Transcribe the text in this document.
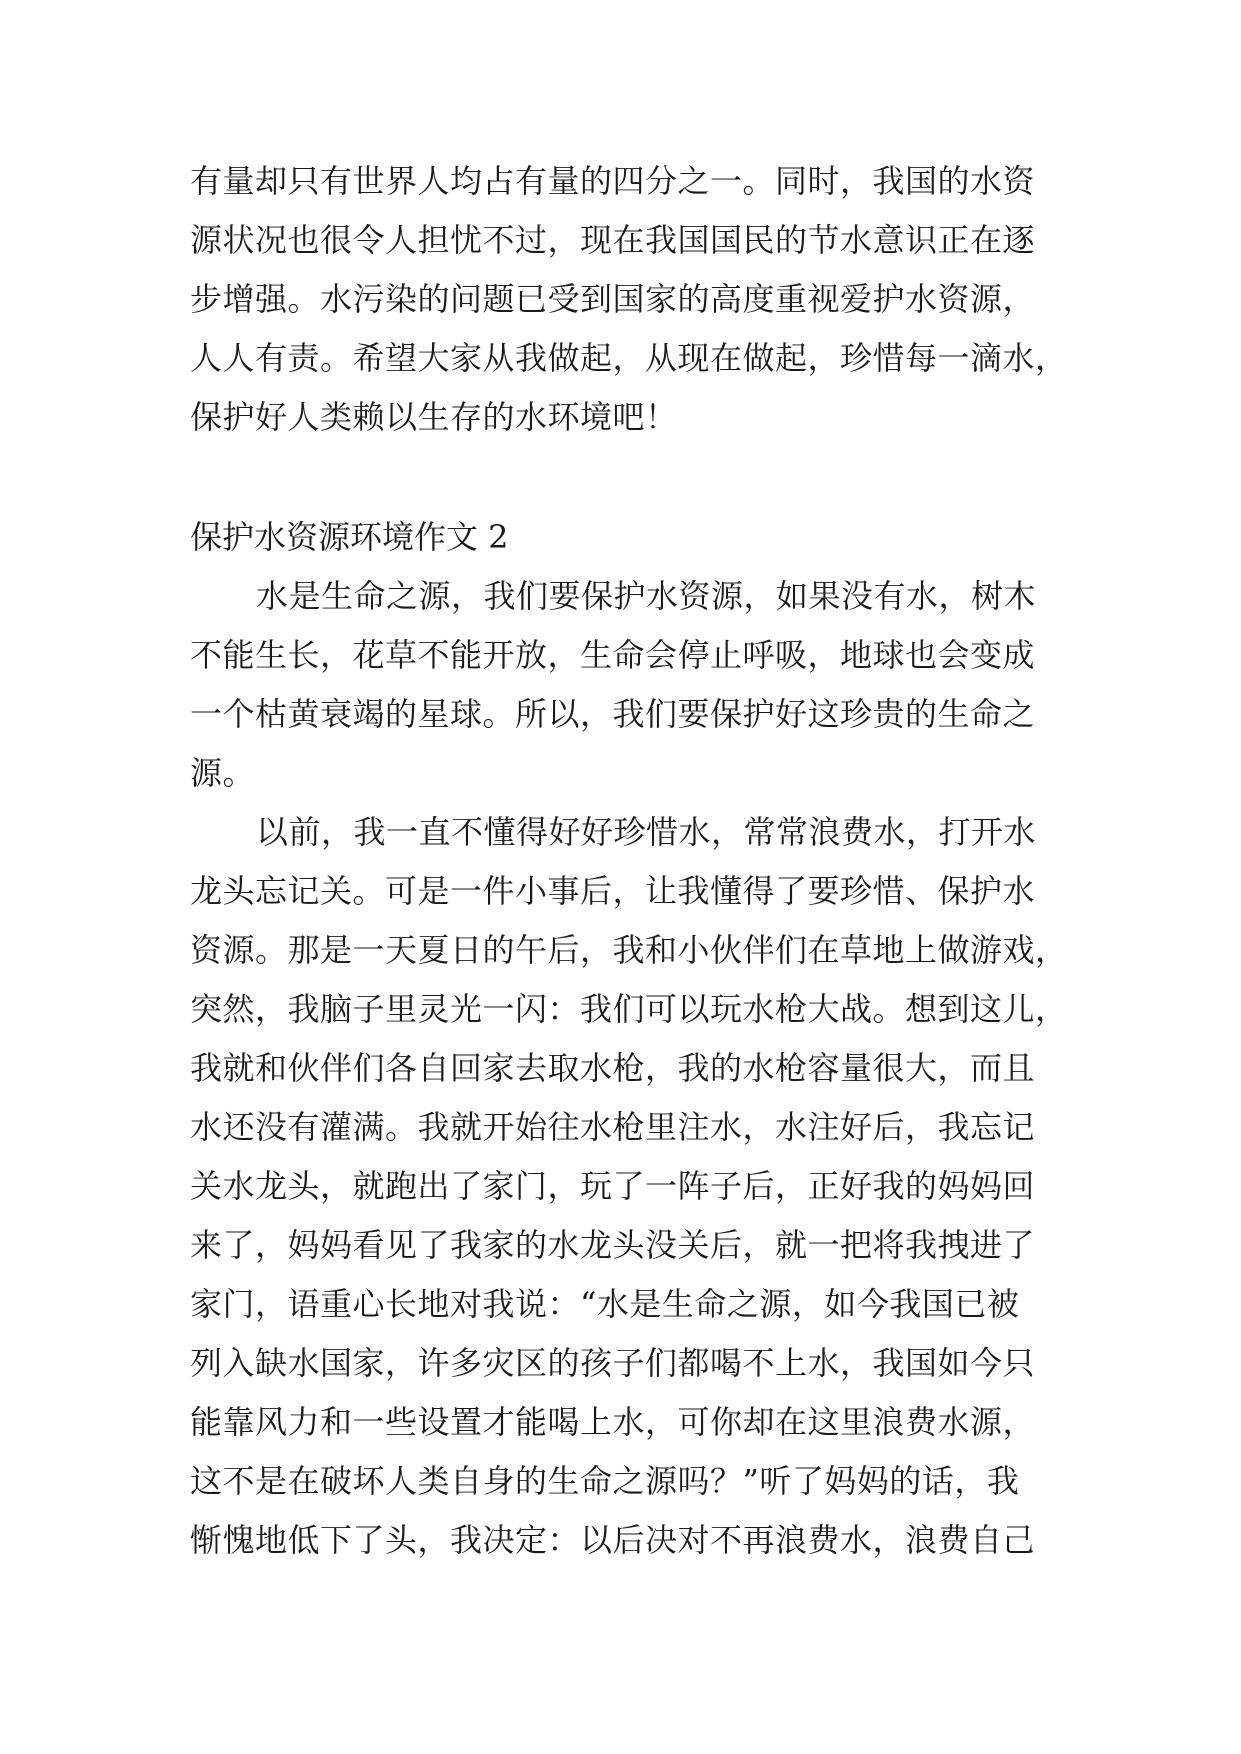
有量却只有世界人均占有量的四分之一。同时，我国的水资
源状况也很令人担忧不过，现在我国国民的节水意识正在逐
步增强。水污染的问题已受到国家的高度重视爱护水资源，
人人有责。希望大家从我做起，从现在做起，珍惜每一滴水，
保护好人类赖以生存的水环境吧！
保护水资源环境作文 2
水是生命之源，我们要保护水资源，如果没有水，树木
不能生长，花草不能开放，生命会停止呼吸，地球也会变成
一个枯黄衰竭的星球。所以，我们要保护好这珍贵的生命之
源。
以前，我一直不懂得好好珍惜水，常常浪费水，打开水
龙头忘记关。可是一件小事后，让我懂得了要珍惜、保护水
资源。那是一天夏日的午后，我和小伙伴们在草地上做游戏，
突然，我脑子里灵光一闪：我们可以玩水枪大战。想到这儿，
我就和伙伴们各自回家去取水枪，我的水枪容量很大，而且
水还没有灌满。我就开始往水枪里注水，水注好后，我忘记
关水龙头，就跑出了家门，玩了一阵子后，正好我的妈妈回
来了，妈妈看见了我家的水龙头没关后，就一把将我拽进了
家门，语重心长地对我说：“水是生命之源，如今我国已被
列入缺水国家，许多灾区的孩子们都喝不上水，我国如今只
能靠风力和一些设置才能喝上水，可你却在这里浪费水源，
这不是在破坏人类自身的生命之源吗？”听了妈妈的话，我
惭愧地低下了头，我决定：以后决对不再浪费水，浪费自己
